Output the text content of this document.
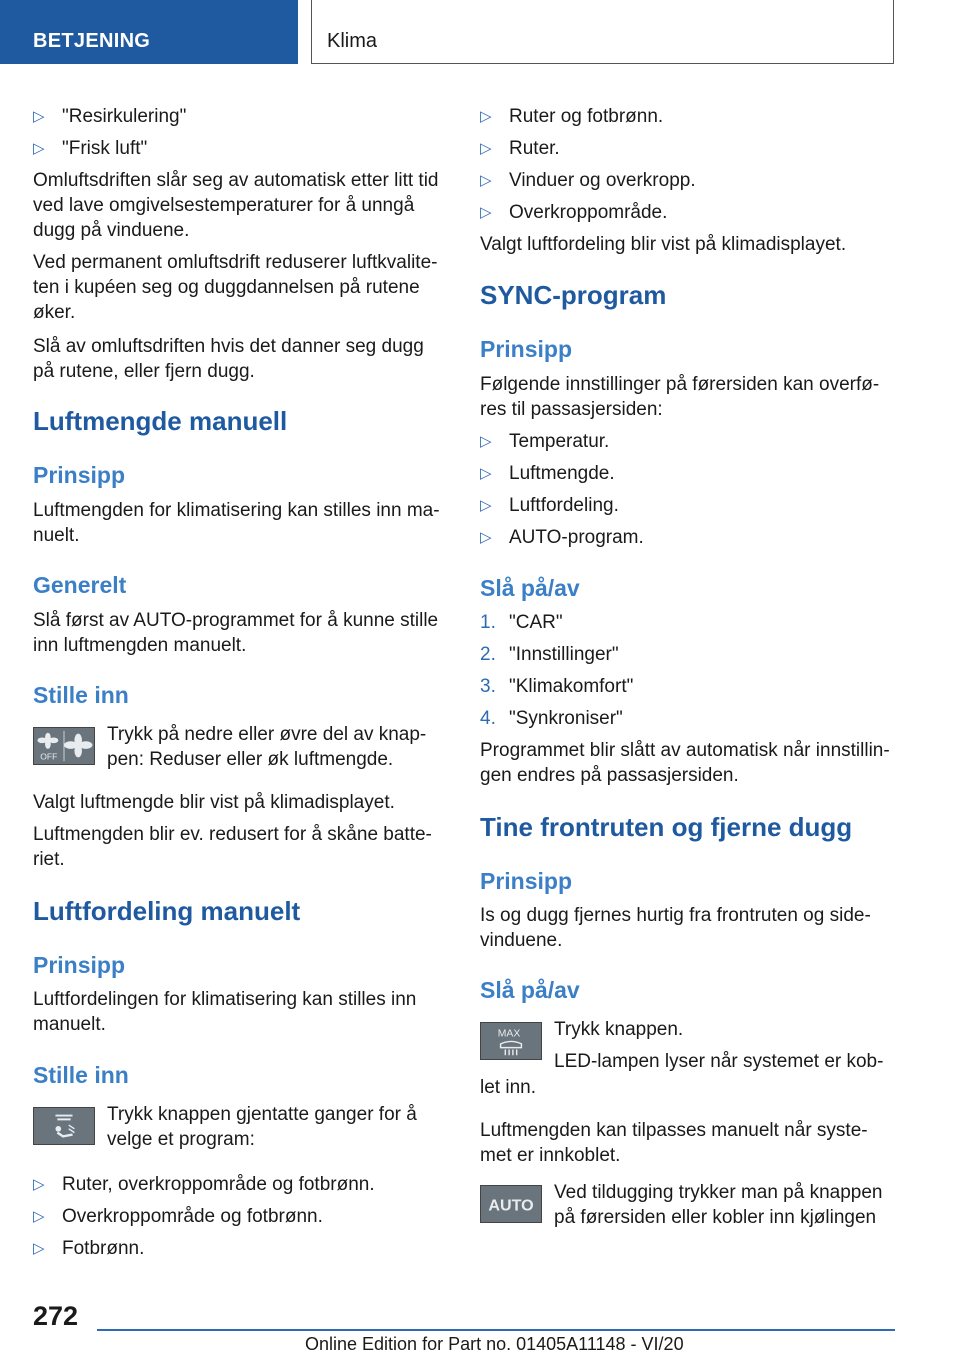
BETJENING	Klima
▷ "Resirkulering"
▷ "Frisk luft"
Omluftsdriften slår seg av automatisk etter litt tid
ved lave omgivelsestemperaturer for å unngå
dugg på vinduene.
Ved permanent omluftsdrift reduserer luftkvalite-
ten i kupéen seg og duggdannelsen på rutene
øker.
Slå av omluftsdriften hvis det danner seg dugg
på rutene, eller fjern dugg.
Luftmengde manuell
Prinsipp
Luftmengden for klimatisering kan stilles inn ma-
nuelt.
Generelt
Slå først av AUTO-programmet for å kunne stille
inn luftmengden manuelt.
Stille inn
OFF
Trykk på nedre eller øvre del av knap-
pen: Reduser eller øk luftmengde.
Valgt luftmengde blir vist på klimadisplayet.
Luftmengden blir ev. redusert for å skåne batte-
riet.
Luftfordeling manuelt
Prinsipp
Luftfordelingen for klimatisering kan stilles inn
manuelt.
Stille inn
Trykk knappen gjentatte ganger for å
velge et program:
▷ Ruter, overkroppområde og fotbrønn.
▷ Overkroppområde og fotbrønn.
▷ Fotbrønn.
▷ Ruter og fotbrønn.
▷ Ruter.
▷ Vinduer og overkropp.
▷ Overkroppområde.
Valgt luftfordeling blir vist på klimadisplayet.
SYNC-program
Prinsipp
Følgende innstillinger på førersiden kan overfø-
res til passasjersiden:
▷ Temperatur.
▷ Luftmengde.
▷ Luftfordeling.
▷ AUTO-program.
Slå på/av
1. "CAR"
2. "Innstillinger"
3. "Klimakomfort"
4. "Synkroniser"
Programmet blir slått av automatisk når innstillin-
gen endres på passasjersiden.
Tine frontruten og fjerne dugg
Prinsipp
Is og dugg fjernes hurtig fra frontruten og side-
vinduene.
Slå på/av
MAX Trykk knappen.
LED-lampen lyser når systemet er kob-
let inn.
Luftmengden kan tilpasses manuelt når syste-
met er innkoblet.
AUTO
Ved tildugging trykker man på knappen
på førersiden eller kobler inn kjølingen
272
Online Edition for Part no. 01405A11148 - VI/20
